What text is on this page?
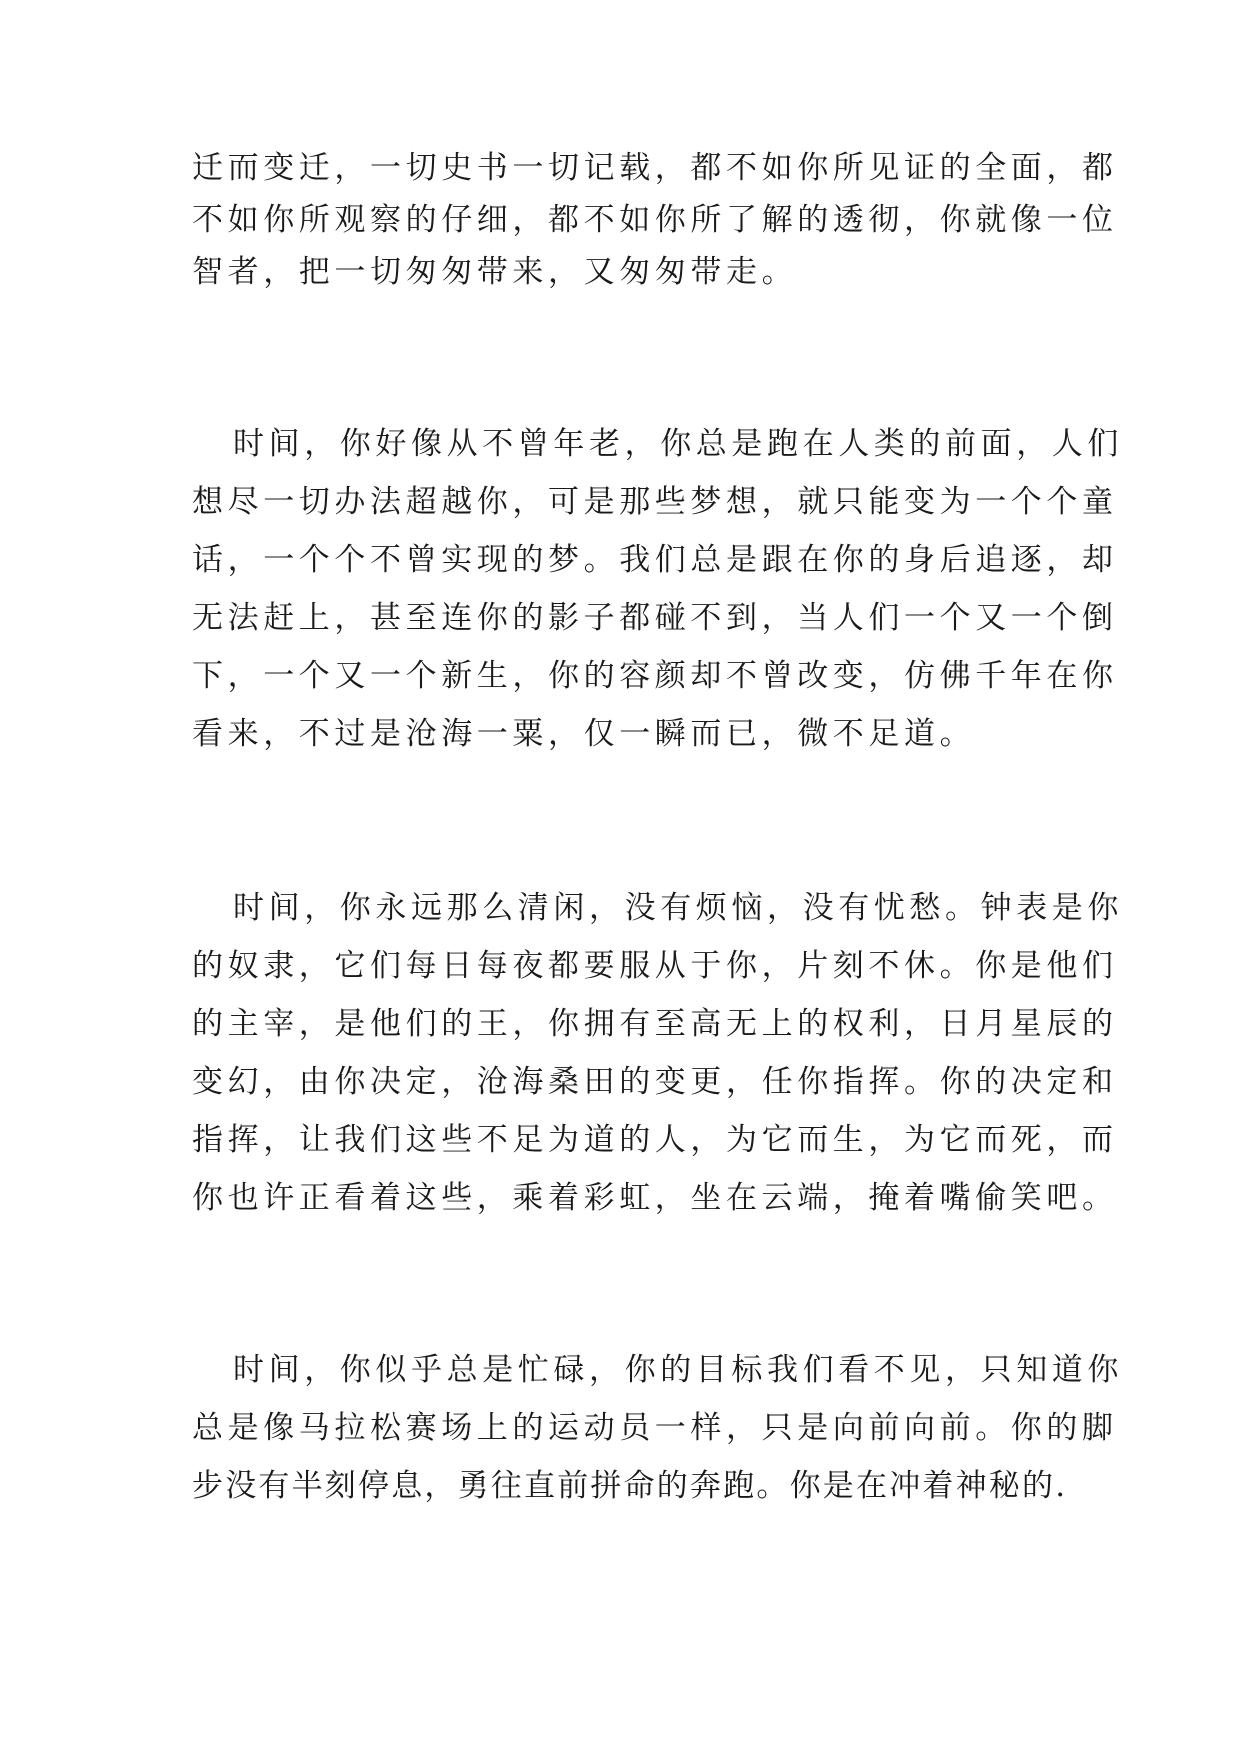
迁而变迁，一切史书一切记载，都不如你所见证的全面，都
不如你所观察的仔细，都不如你所了解的透彻，你就像一位
智者，把一切匆匆带来，又匆匆带走。
时间，你好像从不曾年老，你总是跑在人类的前面，人们
想尽一切办法超越你，可是那些梦想，就只能变为一个个童
话，一个个不曾实现的梦。我们总是跟在你的身后追逐，却
无法赶上，甚至连你的影子都碰不到，当人们一个又一个倒
下，一个又一个新生，你的容颜却不曾改变，仿佛千年在你
看来，不过是沧海一粟，仅一瞬而已，微不足道。
时间，你永远那么清闲，没有烦恼，没有忧愁。钟表是你
的奴隶，它们每日每夜都要服从于你，片刻不休。你是他们
的主宰，是他们的王，你拥有至高无上的权利，日月星辰的
变幻，由你决定，沧海桑田的变更，任你指挥。你的决定和
指挥，让我们这些不足为道的人，为它而生，为它而死，而
你也许正看着这些，乘着彩虹，坐在云端，掩着嘴偷笑吧。
时间，你似乎总是忙碌，你的目标我们看不见，只知道你
总是像马拉松赛场上的运动员一样，只是向前向前。你的脚
步没有半刻停息，勇往直前拼命的奔跑。你是在冲着神秘的.
